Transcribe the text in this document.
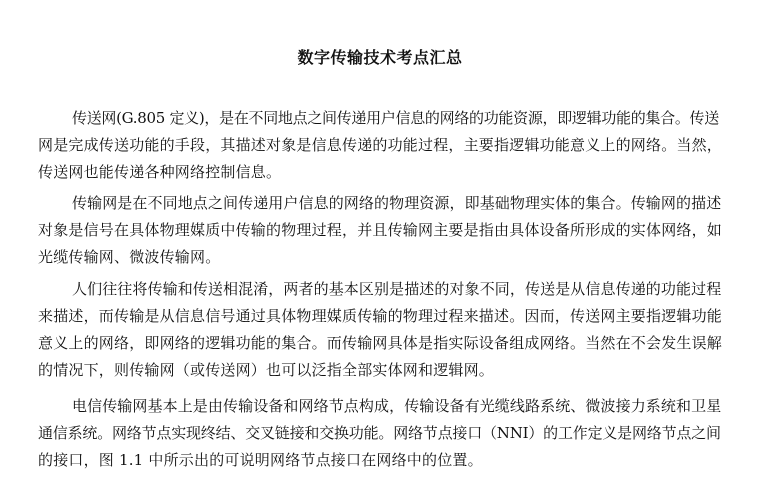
数字传输技术考点汇总
传送网(G.805 定义)，是在不同地点之间传递用户信息的网络的功能资源，即逻辑功能的集合。传送
网是完成传送功能的手段，其描述对象是信息传递的功能过程，主要指逻辑功能意义上的网络。当然，
传送网也能传递各种网络控制信息。
传输网是在不同地点之间传递用户信息的网络的物理资源，即基础物理实体的集合。传输网的描述
对象是信号在具体物理媒质中传输的物理过程，并且传输网主要是指由具体设备所形成的实体网络，如
光缆传输网、微波传输网。
人们往往将传输和传送相混淆，两者的基本区别是描述的对象不同，传送是从信息传递的功能过程
来描述，而传输是从信息信号通过具体物理媒质传输的物理过程来描述。因而，传送网主要指逻辑功能
意义上的网络，即网络的逻辑功能的集合。而传输网具体是指实际设备组成网络。当然在不会发生误解
的情况下，则传输网（或传送网）也可以泛指全部实体网和逻辑网。
电信传输网基本上是由传输设备和网络节点构成，传输设备有光缆线路系统、微波接力系统和卫星
通信系统。网络节点实现终结、交叉链接和交换功能。网络节点接口（NNI）的工作定义是网络节点之间
的接口，图 1.1 中所示出的可说明网络节点接口在网络中的位置。
